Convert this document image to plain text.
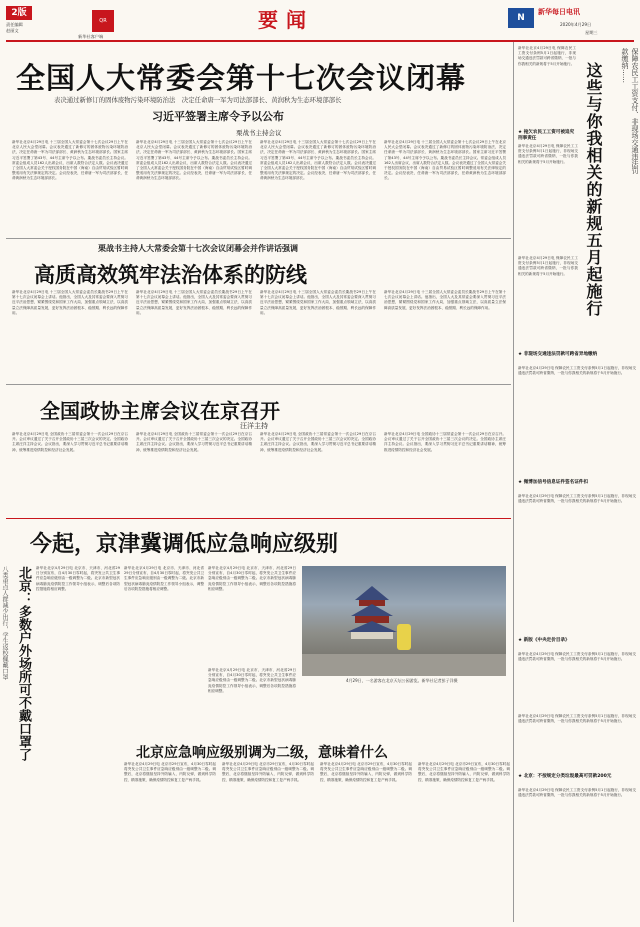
2版
责任编辑
赵丽文
QR
新华社客户端
要闻	N
新华每日电讯
2020年4月29日
星期三
全国人大常委会第十七次会议闭幕
表决通过新修订的固体废物污染环境防治法　决定任命唐一军为司法部部长、黄润秋为生态环境部部长
习近平签署主席令予以公布
栗战书主持会议
新华社北京4月29日电 十三届全国人大常委会第十七次会议29日上午在北京人民大会堂闭幕。会议表决通过了新修订的固体废物污染环境防治法，决定任命唐一军为司法部部长、黄润秋为生态环境部部长。国家主席习近平签署了第43号、44号主席令予以公布。栗战书委员长主持会议。常委会组成人员162人出席会议，出席人数符合法定人数。会议表决通过了全国人大常委会关于授权国务院在中国（海南）自由贸易试验区暂时调整适用有关法律规定的决定。会议经表决，任命唐一军为司法部部长，任命黄润秋为生态环境部部长。
新华社北京4月29日电 十三届全国人大常委会第十七次会议29日上午在北京人民大会堂闭幕。会议表决通过了新修订的固体废物污染环境防治法，决定任命唐一军为司法部部长、黄润秋为生态环境部部长。国家主席习近平签署了第43号、44号主席令予以公布。栗战书委员长主持会议。常委会组成人员162人出席会议，出席人数符合法定人数。会议表决通过了全国人大常委会关于授权国务院在中国（海南）自由贸易试验区暂时调整适用有关法律规定的决定。会议经表决，任命唐一军为司法部部长，任命黄润秋为生态环境部部长。
新华社北京4月29日电 十三届全国人大常委会第十七次会议29日上午在北京人民大会堂闭幕。会议表决通过了新修订的固体废物污染环境防治法，决定任命唐一军为司法部部长、黄润秋为生态环境部部长。国家主席习近平签署了第43号、44号主席令予以公布。栗战书委员长主持会议。常委会组成人员162人出席会议，出席人数符合法定人数。会议表决通过了全国人大常委会关于授权国务院在中国（海南）自由贸易试验区暂时调整适用有关法律规定的决定。会议经表决，任命唐一军为司法部部长，任命黄润秋为生态环境部部长。
新华社北京4月29日电 十三届全国人大常委会第十七次会议29日上午在北京人民大会堂闭幕。会议表决通过了新修订的固体废物污染环境防治法，决定任命唐一军为司法部部长、黄润秋为生态环境部部长。国家主席习近平签署了第43号、44号主席令予以公布。栗战书委员长主持会议。常委会组成人员162人出席会议，出席人数符合法定人数。会议表决通过了全国人大常委会关于授权国务院在中国（海南）自由贸易试验区暂时调整适用有关法律规定的决定。会议经表决，任命唐一军为司法部部长，任命黄润秋为生态环境部部长。
栗战书主持人大常委会第十七次会议闭幕会并作讲话强调
高质高效筑牢法治体系的防线
新华社北京4月29日电 十三届全国人大常委会委员长栗战书29日上午在第十七次会议闭幕会上讲话。他指出，全国人大及其常委会要深入贯彻习近平法治思想，紧紧围绕党和国家工作大局，加强重点领域立法，以高质量立法保障高质量发展，更好发挥法治固根本、稳预期、利长远的保障作用。
新华社北京4月29日电 十三届全国人大常委会委员长栗战书29日上午在第十七次会议闭幕会上讲话。他指出，全国人大及其常委会要深入贯彻习近平法治思想，紧紧围绕党和国家工作大局，加强重点领域立法，以高质量立法保障高质量发展，更好发挥法治固根本、稳预期、利长远的保障作用。
新华社北京4月29日电 十三届全国人大常委会委员长栗战书29日上午在第十七次会议闭幕会上讲话。他指出，全国人大及其常委会要深入贯彻习近平法治思想，紧紧围绕党和国家工作大局，加强重点领域立法，以高质量立法保障高质量发展，更好发挥法治固根本、稳预期、利长远的保障作用。
新华社北京4月29日电 十三届全国人大常委会委员长栗战书29日上午在第十七次会议闭幕会上讲话。他指出，全国人大及其常委会要深入贯彻习近平法治思想，紧紧围绕党和国家工作大局，加强重点领域立法，以高质量立法保障高质量发展，更好发挥法治固根本、稳预期、利长远的保障作用。
全国政协主席会议在京召开
汪洋主持
新华社北京4月29日电 全国政协十三届常委会第十一次会议29日在京召开。会议审议通过了关于召开全国政协十三届三次会议的决定。全国政协主席汪洋主持会议。会议指出，要深入学习贯彻习近平总书记重要讲话精神，统筹推进疫情防控和经济社会发展。
新华社北京4月29日电 全国政协十三届常委会第十一次会议29日在京召开。会议审议通过了关于召开全国政协十三届三次会议的决定。全国政协主席汪洋主持会议。会议指出，要深入学习贯彻习近平总书记重要讲话精神，统筹推进疫情防控和经济社会发展。
新华社北京4月29日电 全国政协十三届常委会第十一次会议29日在京召开。会议审议通过了关于召开全国政协十三届三次会议的决定。全国政协主席汪洋主持会议。会议指出，要深入学习贯彻习近平总书记重要讲话精神，统筹推进疫情防控和经济社会发展。
新华社北京4月29日电 全国政协十三届常委会第十一次会议29日在京召开。会议审议通过了关于召开全国政协十三届三次会议的决定。全国政协主席汪洋主持会议。会议指出，要深入学习贯彻习近平总书记重要讲话精神，统筹推进疫情防控和经济社会发展。
今起，京津冀调低应急响应级别
北京：多数户外场所可不戴口罩了
八类重点人群减少出行，学生返校佩戴口罩	新华社北京4月29日电 北京市、天津市、河北省29日分别宣布，自4月30日零时起，将突发公共卫生事件应急响应级别由一级调整为二级。北京市新型冠状病毒肺炎疫情防控工作领导小组表示，调整后各项防控措施将相应调整。
新华社北京4月29日电 北京市、天津市、河北省29日分别宣布，自4月30日零时起，将突发公共卫生事件应急响应级别由一级调整为二级。北京市新型冠状病毒肺炎疫情防控工作领导小组表示，调整后各项防控措施将相应调整。
新华社北京4月29日电 北京市、天津市、河北省29日分别宣布，自4月30日零时起，将突发公共卫生事件应急响应级别由一级调整为二级。北京市新型冠状病毒肺炎疫情防控工作领导小组表示，调整后各项防控措施将相应调整。
4月29日，一名游客在北京天坛公园游览。新华社记者彭子洋摄
新华社北京4月29日电 北京市、天津市、河北省29日分别宣布，自4月30日零时起，将突发公共卫生事件应急响应级别由一级调整为二级。北京市新型冠状病毒肺炎疫情防控工作领导小组表示，调整后各项防控措施将相应调整。
北京应急响应级别调为二级，意味着什么
新华社北京4月29日电 北京市29日宣布，4月30日零时起将突发公共卫生事件应急响应级别由一级调整为二级。调整后，北京将继续坚持外防输入、内防反弹，做到科学防控、精准施策，确保疫情防控和复工复产两手抓。
新华社北京4月29日电 北京市29日宣布，4月30日零时起将突发公共卫生事件应急响应级别由一级调整为二级。调整后，北京将继续坚持外防输入、内防反弹，做到科学防控、精准施策，确保疫情防控和复工复产两手抓。
新华社北京4月29日电 北京市29日宣布，4月30日零时起将突发公共卫生事件应急响应级别由一级调整为二级。调整后，北京将继续坚持外防输入、内防反弹，做到科学防控、精准施策，确保疫情防控和复工复产两手抓。
新华社北京4月29日电 北京市29日宣布，4月30日零时起将突发公共卫生事件应急响应级别由一级调整为二级。调整后，北京将继续坚持外防输入、内防反弹，做到科学防控、精准施策，确保疫情防控和复工复产两手抓。
新华社北京4月29日电 保障农民工工资支付条例5月1日起施行，非现场交通违法罚款可跨省缴纳，一批与你我相关的新规将于5月开始施行。 这些与你我相关的新规五月起施行	保障农民工工资支付、非现场交通违法罚款缴纳……
★ 拖欠农民工工资可被追究刑事责任
新华社北京4月29日电 保障农民工工资支付条例5月1日起施行，非现场交通违法罚款可跨省缴纳，一批与你我相关的新规将于5月开始施行。
新华社北京4月29日电 保障农民工工资支付条例5月1日起施行，非现场交通违法罚款可跨省缴纳，一批与你我相关的新规将于5月开始施行。
★ 非现场交通违法罚款可跨省异地缴纳
新华社北京4月29日电 保障农民工工资支付条例5月1日起施行，非现场交通违法罚款可跨省缴纳，一批与你我相关的新规将于5月开始施行。
★ 微博加信号信息证件签名证件扣
新华社北京4月29日电 保障农民工工资支付条例5月1日起施行，非现场交通违法罚款可跨省缴纳，一批与你我相关的新规将于5月开始施行。
★ 新版《中央定价目录》
新华社北京4月29日电 保障农民工工资支付条例5月1日起施行，非现场交通违法罚款可跨省缴纳，一批与你我相关的新规将于5月开始施行。
新华社北京4月29日电 保障农民工工资支付条例5月1日起施行，非现场交通违法罚款可跨省缴纳，一批与你我相关的新规将于5月开始施行。
★ 北京：不按规定分类垃圾最高可罚款200元
新华社北京4月29日电 保障农民工工资支付条例5月1日起施行，非现场交通违法罚款可跨省缴纳，一批与你我相关的新规将于5月开始施行。
